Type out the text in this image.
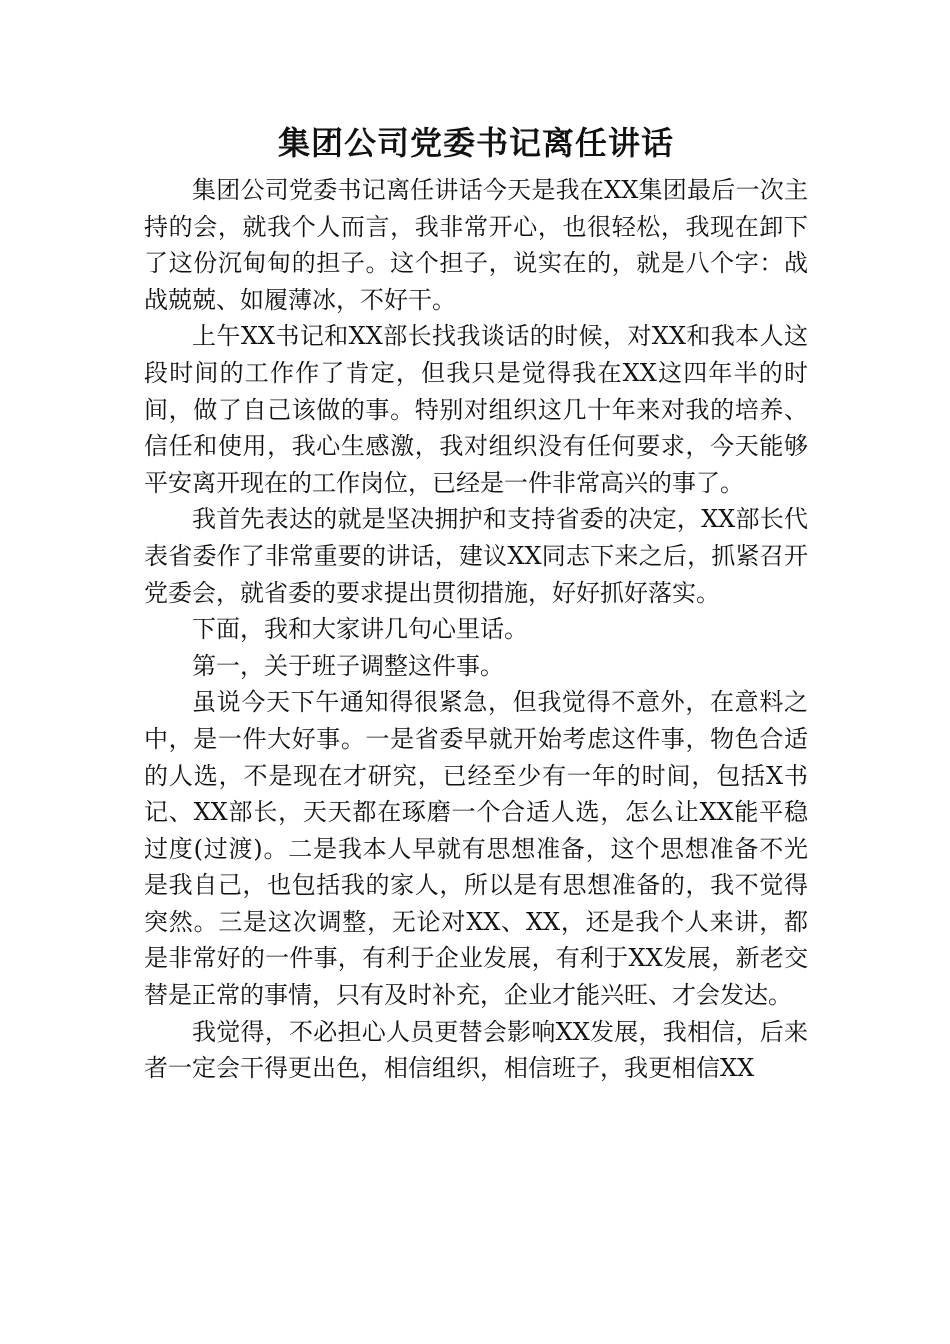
集团公司党委书记离任讲话

集团公司党委书记离任讲话今天是我在XX集团最后一次主持的会，就我个人而言，我非常开心，也很轻松，我现在卸下了这份沉甸甸的担子。这个担子，说实在的，就是八个字：战战兢兢、如履薄冰，不好干。

上午XX书记和XX部长找我谈话的时候，对XX和我本人这段时间的工作作了肯定，但我只是觉得我在XX这四年半的时间，做了自己该做的事。特别对组织这几十年来对我的培养、信任和使用，我心生感激，我对组织没有任何要求，今天能够平安离开现在的工作岗位，已经是一件非常高兴的事了。

我首先表达的就是坚决拥护和支持省委的决定，XX部长代表省委作了非常重要的讲话，建议XX同志下来之后，抓紧召开党委会，就省委的要求提出贯彻措施，好好抓好落实。

下面，我和大家讲几句心里话。

第一，关于班子调整这件事。

虽说今天下午通知得很紧急，但我觉得不意外，在意料之中，是一件大好事。一是省委早就开始考虑这件事，物色合适的人选，不是现在才研究，已经至少有一年的时间，包括X书记、XX部长，天天都在琢磨一个合适人选，怎么让XX能平稳过度(过渡)。二是我本人早就有思想准备，这个思想准备不光是我自己，也包括我的家人，所以是有思想准备的，我不觉得突然。三是这次调整，无论对XX、XX，还是我个人来讲，都是非常好的一件事，有利于企业发展，有利于XX发展，新老交替是正常的事情，只有及时补充，企业才能兴旺、才会发达。

我觉得，不必担心人员更替会影响XX发展，我相信，后来者一定会干得更出色，相信组织，相信班子，我更相信XX
